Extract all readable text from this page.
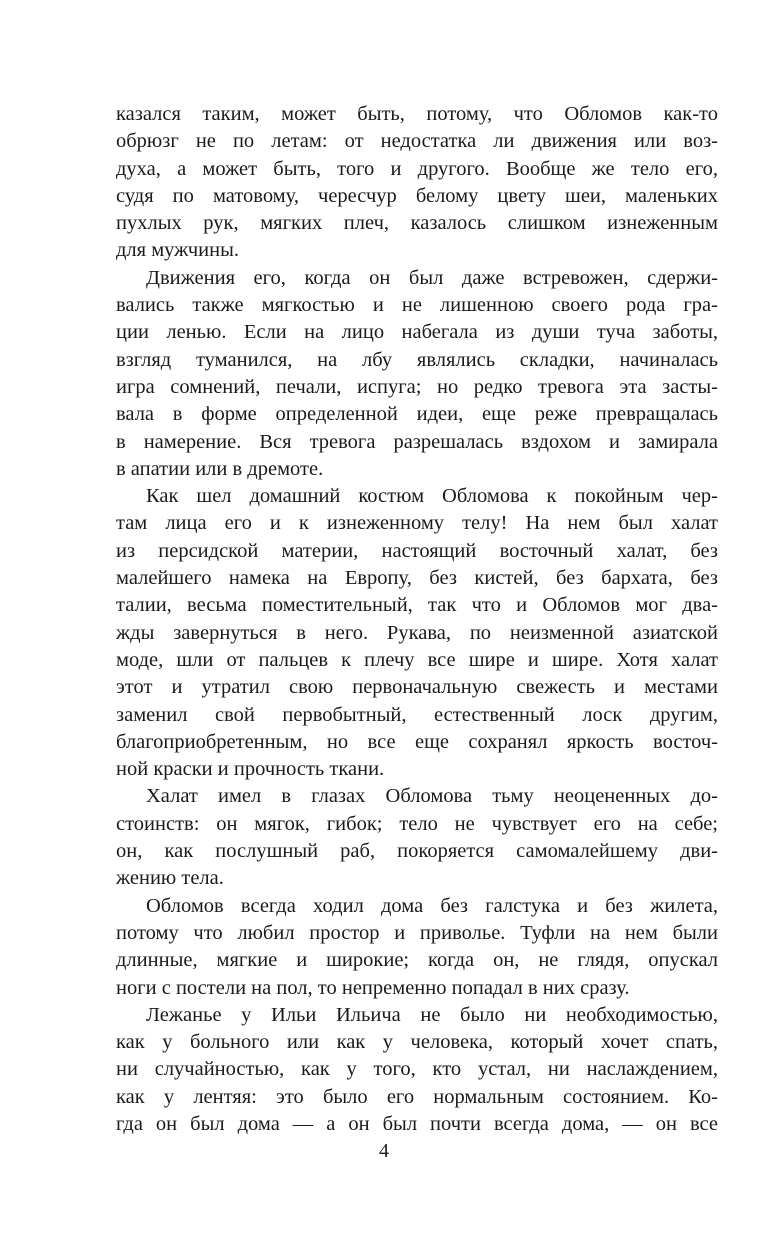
казался таким, может быть, потому, что Обломов как-то
обрюзг не по летам: от недостатка ли движения или воз-
духа, а может быть, того и другого. Вообще же тело его,
судя по матовому, чересчур белому цвету шеи, маленьких
пухлых рук, мягких плеч, казалось слишком изнеженным
для мужчины.
Движения его, когда он был даже встревожен, сдержи-
вались также мягкостью и не лишенною своего рода гра-
ции ленью. Если на лицо набегала из души туча заботы,
взгляд туманился, на лбу являлись складки, начиналась
игра сомнений, печали, испуга; но редко тревога эта засты-
вала в форме определенной идеи, еще реже превращалась
в намерение. Вся тревога разрешалась вздохом и замирала
в апатии или в дремоте.
Как шел домашний костюм Обломова к покойным чер-
там лица его и к изнеженному телу! На нем был халат
из персидской материи, настоящий восточный халат, без
малейшего намека на Европу, без кистей, без бархата, без
талии, весьма поместительный, так что и Обломов мог два-
жды завернуться в него. Рукава, по неизменной азиатской
моде, шли от пальцев к плечу все шире и шире. Хотя халат
этот и утратил свою первоначальную свежесть и местами
заменил свой первобытный, естественный лоск другим,
благоприобретенным, но все еще сохранял яркость восточ-
ной краски и прочность ткани.
Халат имел в глазах Обломова тьму неоцененных до-
стоинств: он мягок, гибок; тело не чувствует его на себе;
он, как послушный раб, покоряется самомалейшему дви-
жению тела.
Обломов всегда ходил дома без галстука и без жилета,
потому что любил простор и приволье. Туфли на нем были
длинные, мягкие и широкие; когда он, не глядя, опускал
ноги с постели на пол, то непременно попадал в них сразу.
Лежанье у Ильи Ильича не было ни необходимостью,
как у больного или как у человека, который хочет спать,
ни случайностью, как у того, кто устал, ни наслаждением,
как у лентяя: это было его нормальным состоянием. Ко-
гда он был дома — а он был почти всегда дома, — он все
4
